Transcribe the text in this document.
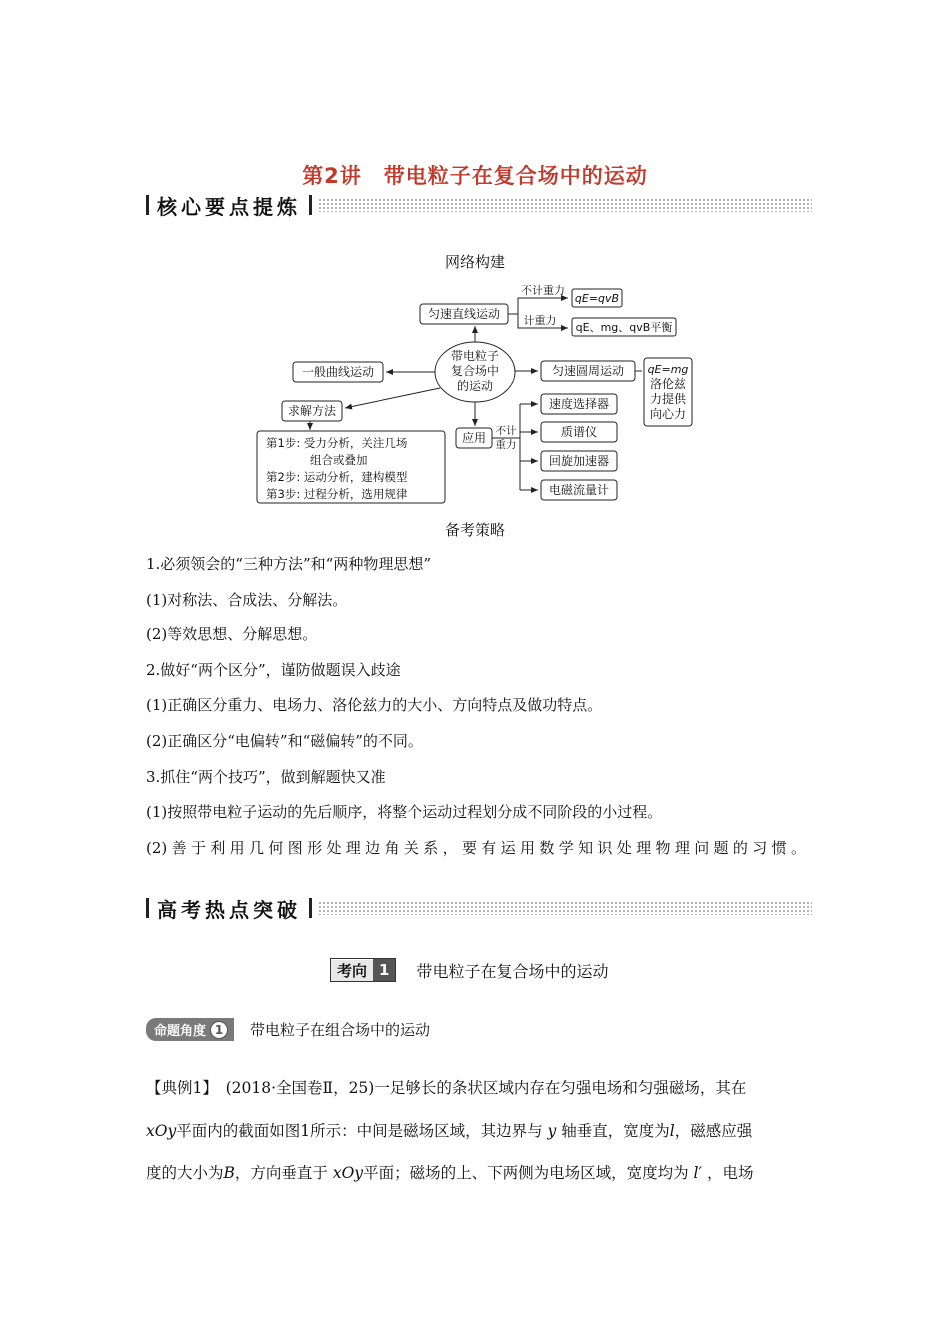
第2讲　带电粒子在复合场中的运动
核心要点提炼
网络构建
带电粒子
复合场中
的运动
匀速直线运动
不计重力
计重力
qE=qvB
qE、mg、qvB平衡
一般曲线运动	匀速圆周运动 qE=mg
洛伦兹
力提供
向心力
求解方法
第1步: 受力分析，关注几场
组合或叠加
第2步: 运动分析，建构模型
第3步: 过程分析，选用规律
应用 不计
重力
速度选择器
质谱仪
回旋加速器
电磁流量计
备考策略
1.必须领会的“三种方法”和“两种物理思想”
(1)对称法、合成法、分解法。
(2)等效思想、分解思想。
2.做好“两个区分”，谨防做题误入歧途
(1)正确区分重力、电场力、洛伦兹力的大小、方向特点及做功特点。
(2)正确区分“电偏转”和“磁偏转”的不同。
3.抓住“两个技巧”，做到解题快又准
(1)按照带电粒子运动的先后顺序，将整个运动过程划分成不同阶段的小过程。
(2)善于利用几何图形处理边角关系，要有运用数学知识处理物理问题的习惯。
高考热点突破
考向 1	带电粒子在复合场中的运动
命题角度 1	带电粒子在组合场中的运动
【典例1】　(2018·全国卷Ⅱ，25)一足够长的条状区域内存在匀强电场和匀强磁场，其在
xOy平面内的截面如图1所示：中间是磁场区域，其边界与 y 轴垂直，宽度为l，磁感应强
度的大小为B，方向垂直于 xOy平面；磁场的上、下两侧为电场区域，宽度均为 l′ ，电场
